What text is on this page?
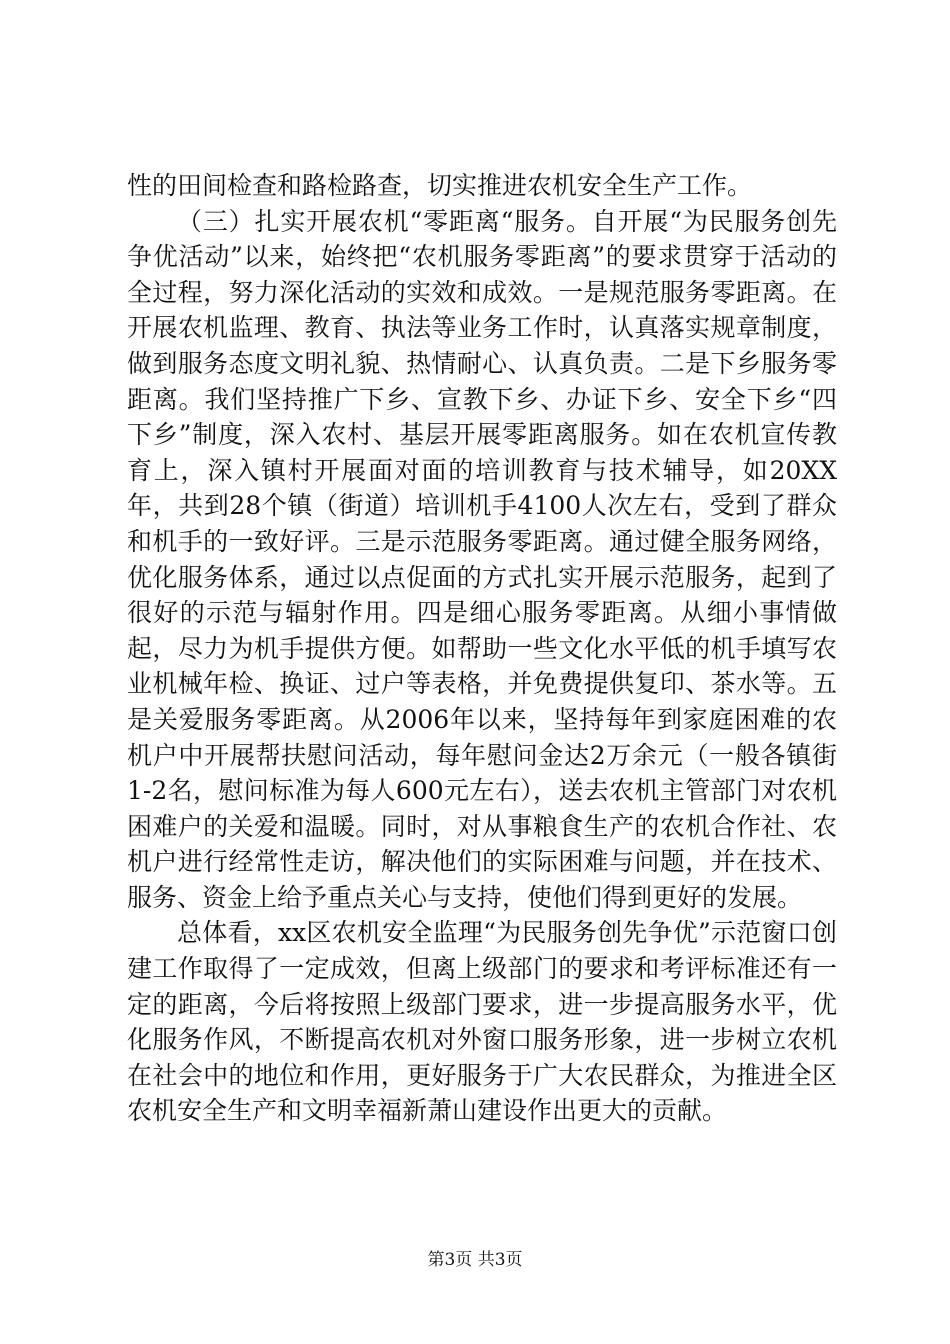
性的田间检查和路检路查，切实推进农机安全生产工作。

（三）扎实开展农机“零距离“服务。自开展“为民服务创先争优活动”以来，始终把“农机服务零距离”的要求贯穿于活动的全过程，努力深化活动的实效和成效。一是规范服务零距离。在开展农机监理、教育、执法等业务工作时，认真落实规章制度，做到服务态度文明礼貌、热情耐心、认真负责。二是下乡服务零距离。我们坚持推广下乡、宣教下乡、办证下乡、安全下乡“四下乡”制度，深入农村、基层开展零距离服务。如在农机宣传教育上，深入镇村开展面对面的培训教育与技术辅导，如20XX年，共到28个镇（街道）培训机手4100人次左右，受到了群众和机手的一致好评。三是示范服务零距离。通过健全服务网络，优化服务体系，通过以点促面的方式扎实开展示范服务，起到了很好的示范与辐射作用。四是细心服务零距离。从细小事情做起，尽力为机手提供方便。如帮助一些文化水平低的机手填写农业机械年检、换证、过户等表格，并免费提供复印、茶水等。五是关爱服务零距离。从2006年以来，坚持每年到家庭困难的农机户中开展帮扶慰问活动，每年慰问金达2万余元（一般各镇街1-2名，慰问标准为每人600元左右），送去农机主管部门对农机困难户的关爱和温暖。同时，对从事粮食生产的农机合作社、农机户进行经常性走访，解决他们的实际困难与问题，并在技术、服务、资金上给予重点关心与支持，使他们得到更好的发展。

总体看，xx区农机安全监理“为民服务创先争优”示范窗口创建工作取得了一定成效，但离上级部门的要求和考评标准还有一定的距离，今后将按照上级部门要求，进一步提高服务水平，优化服务作风，不断提高农机对外窗口服务形象，进一步树立农机在社会中的地位和作用，更好服务于广大农民群众，为推进全区农机安全生产和文明幸福新萧山建设作出更大的贡献。

第3页 共3页
